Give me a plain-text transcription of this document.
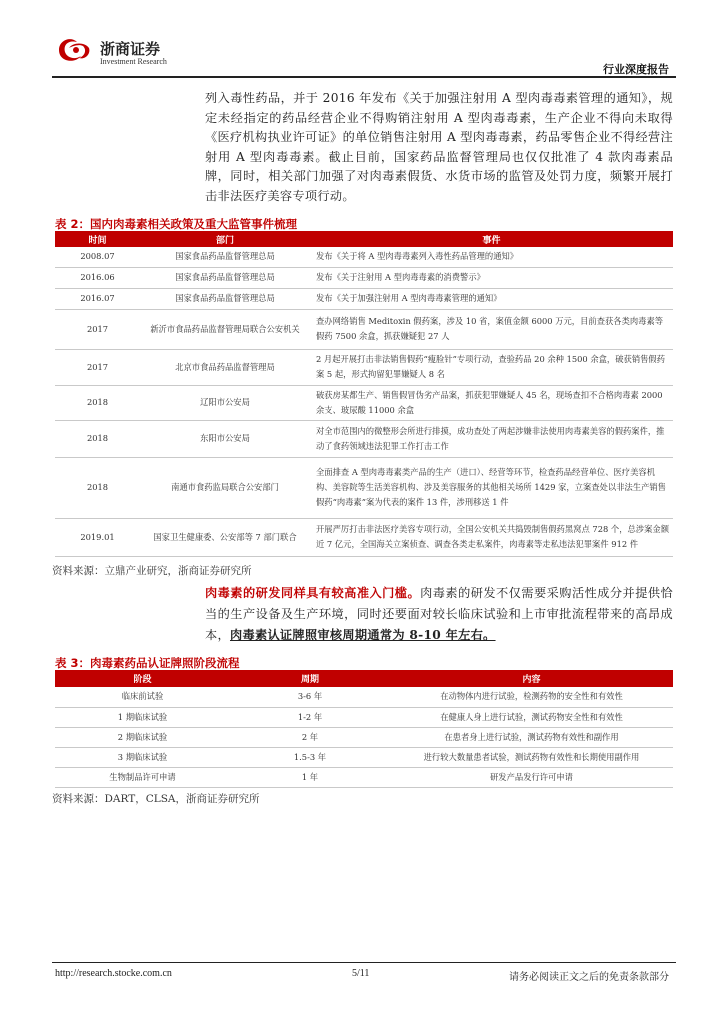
浙商证券
Investment Research
行业深度报告
列入毒性药品，并于 2016 年发布《关于加强注射用 A 型肉毒毒素管理的通知》，规定未经指定的药品经营企业不得购销注射用 A 型肉毒毒素，生产企业不得向未取得《医疗机构执业许可证》的单位销售注射用 A 型肉毒毒素，药品零售企业不得经营注射用 A 型肉毒毒素。截止目前，国家药品监督管理局也仅仅批准了 4 款肉毒素品牌，同时，相关部门加强了对肉毒素假货、水货市场的监管及处罚力度，频繁开展打击非法医疗美容专项行动。
表 2：国内肉毒素相关政策及重大监管事件梳理
时间	部门	事件
2008.07	国家食品药品监督管理总局	发布《关于将 A 型肉毒毒素列入毒性药品管理的通知》
2016.06	国家食品药品监督管理总局	发布《关于注射用 A 型肉毒毒素的消费警示》
2016.07	国家食品药品监督管理总局	发布《关于加强注射用 A 型肉毒毒素管理的通知》
2017	新沂市食品药品监督管理局联合公安机关	查办网络销售 Meditoxin 假药案，涉及 10 省，案值金额 6000 万元，目前查获各类肉毒素等假药 7500 余盒，抓获嫌疑犯 27 人
2017	北京市食品药品监督管理局	2 月起开展打击非法销售假药“瘦脸针”专项行动，查验药品 20 余种 1500 余盒，破获销售假药案 5 起，形式拘留犯罪嫌疑人 8 名
2018	辽阳市公安局	破获房某都生产、销售假冒伪劣产品案，抓获犯罪嫌疑人 45 名，现场查扣不合格肉毒素 2000 余支、玻尿酸 11000 余盒
2018	东阳市公安局	对全市范围内的微整形会所进行排摸，成功查处了两起涉嫌非法使用肉毒素美容的假药案件，推动了食药领域违法犯罪工作打击工作
2018	南通市食药监局联合公安部门	全面排查 A 型肉毒毒素类产品的生产（进口）、经营等环节，检查药品经营单位、医疗美容机构、美容院等生活美容机构、涉及美容服务的其他相关场所 1429 家，立案查处以非法生产销售假药“肉毒素”案为代表的案件 13 件，涉刑移送 1 件
2019.01	国家卫生健康委、公安部等 7 部门联合	开展严厉打击非法医疗美容专项行动，全国公安机关共捣毁制售假药黑窝点 728 个，总涉案金额近 7 亿元，全国海关立案侦查、调查各类走私案件，肉毒素等走私违法犯罪案件 912 件
资料来源：立鼎产业研究，浙商证券研究所
肉毒素的研发同样具有较高准入门槛。肉毒素的研发不仅需要采购活性成分并提供恰当的生产设备及生产环境，同时还要面对较长临床试验和上市审批流程带来的高昂成本，肉毒素认证牌照审核周期通常为 8-10 年左右。
表 3：肉毒素药品认证牌照阶段流程
阶段	周期	内容
临床前试验	3-6 年	在动物体内进行试验，检测药物的安全性和有效性
1 期临床试验	1-2 年	在健康人身上进行试验，测试药物安全性和有效性
2 期临床试验	2 年	在患者身上进行试验，测试药物有效性和副作用
3 期临床试验	1.5-3 年	进行较大数量患者试验，测试药物有效性和长期使用副作用
生物制品许可申请	1 年	研发产品发行许可申请
资料来源：DART，CLSA，浙商证券研究所
http://research.stocke.com.cn	5/11	请务必阅读正文之后的免责条款部分
